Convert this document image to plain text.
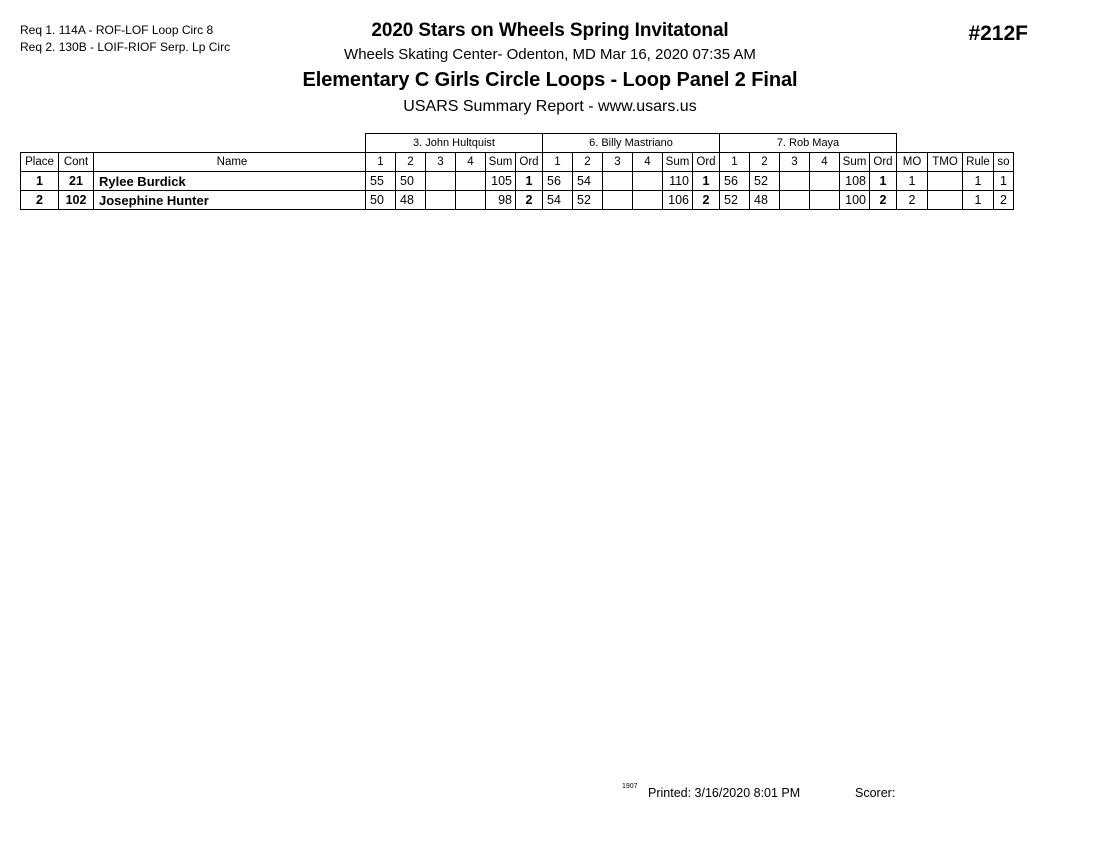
Req 1. 114A - ROF-LOF Loop Circ 8
Req 2. 130B - LOIF-RIOF Serp. Lp Circ
2020 Stars on Wheels Spring Invitatonal
Wheels Skating Center- Odenton, MD Mar 16, 2020 07:35 AM
Elementary C Girls Circle Loops - Loop Panel 2 Final
USARS Summary Report - www.usars.us
#212F
			3. John Hultquist						6. Billy Mastriano						7. Rob Maya									
Place	Cont	Name	1	2	3	4	Sum	Ord	1	2	3	4	Sum	Ord	1	2	3	4	Sum	Ord	MO	TMO	Rule	so
1	21	Rylee Burdick	55	50			105	1	56	54			110	1	56	52			108	1	1		1	1
2	102	Josephine Hunter	50	48			98	2	54	52			106	2	52	48			100	2	2		1	2
1907 Printed: 3/16/2020 8:01 PM	Scorer:
